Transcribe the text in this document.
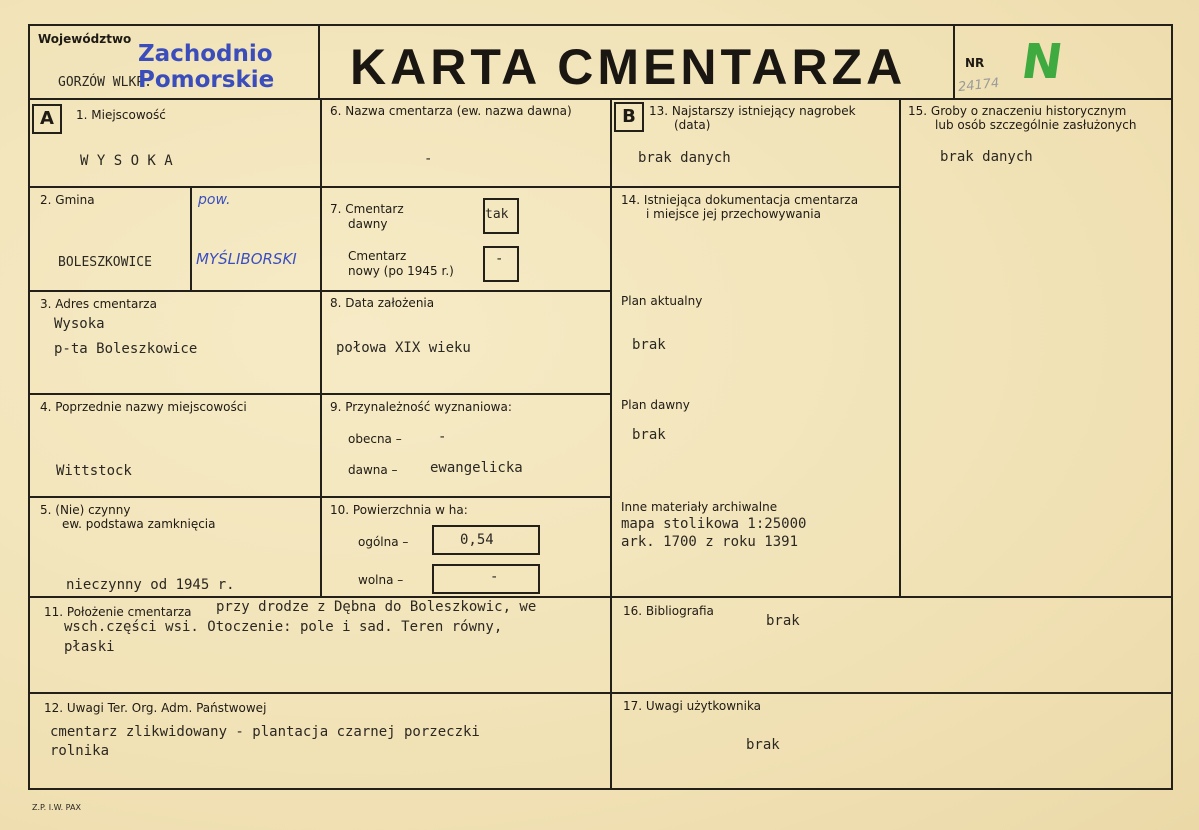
Województwo
GORZÓW WLKP.
Zachodnio
Pomorskie KARTA CMENTARZA	NR
24174 N
A	B
1. Miejscowość
W Y S O K A
2. Gmina
BOLESZKOWICE
pow.
MYŚLIBORSKI
3. Adres cmentarza
Wysoka
p-ta Boleszkowice
4. Poprzednie nazwy miejscowości
Wittstock
5. (Nie) czynny
ew. podstawa zamknięcia
nieczynny od 1945 r.
6. Nazwa cmentarza (ew. nazwa dawna)
-
7. Cmentarz
dawny
tak
Cmentarz
nowy (po 1945 r.)
-
8. Data założenia
połowa XIX wieku
9. Przynależność wyznaniowa:
obecna –	-
dawna – ewangelicka
10. Powierzchnia w ha:
ogólna –	0,54
wolna –	-
11. Położenie cmentarza przy drodze z Dębna do Boleszkowic, we
wsch.części wsi. Otoczenie: pole i sad. Teren równy,
płaski
12. Uwagi Ter. Org. Adm. Państwowej
cmentarz zlikwidowany - plantacja czarnej porzeczki
rolnika
13. Najstarszy istniejący nagrobek
(data)
brak danych
14. Istniejąca dokumentacja cmentarza
i miejsce jej przechowywania
Plan aktualny
brak
Plan dawny
brak
Inne materiały archiwalne
mapa stolikowa 1:25000
ark. 1700 z roku 1391
15. Groby o znaczeniu historycznym
lub osób szczególnie zasłużonych
brak danych
16. Bibliografia
brak
17. Uwagi użytkownika
brak
Z.P. I.W. PAX
